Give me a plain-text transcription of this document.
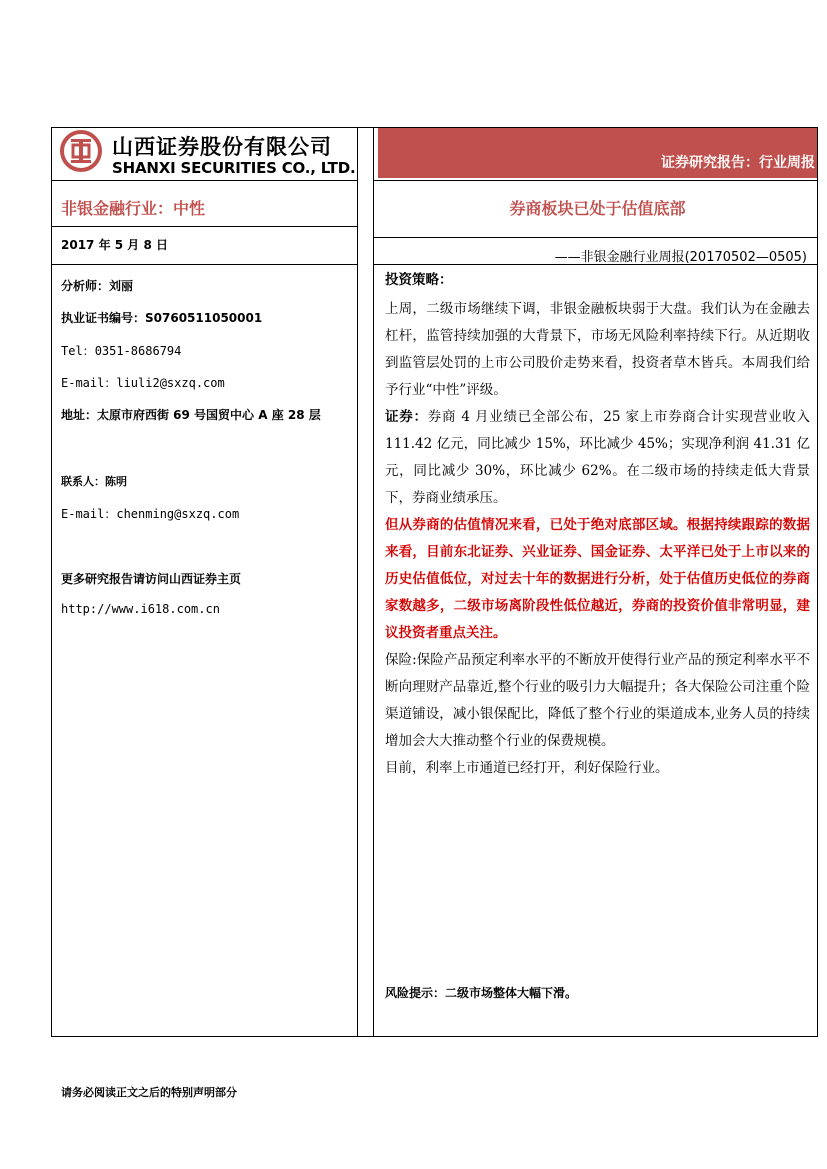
证券研究报告：行业周报
山西证券股份有限公司
SHANXI SECURITIES CO., LTD.
非银金融行业：中性
2017 年 5 月 8 日
分析师：刘丽
执业证书编号：S0760511050001
Tel：0351-8686794
E-mail：liuli2@sxzq.com
地址：太原市府西街 69 号国贸中心 A 座 28 层
联系人：陈明
E-mail：chenming@sxzq.com
更多研究报告请访问山西证券主页
http://www.i618.com.cn
券商板块已处于估值底部
——非银金融行业周报(20170502—0505)
投资策略：

上周，二级市场继续下调，非银金融板块弱于大盘。我们认为在金融去杠杆，监管持续加强的大背景下，市场无风险利率持续下行。从近期收到监管层处罚的上市公司股价走势来看，投资者草木皆兵。本周我们给予行业“中性”评级。

证券：券商 4 月业绩已全部公布，25 家上市券商合计实现营业收入 111.42 亿元，同比减少 15%，环比减少 45%；实现净利润 41.31 亿元，同比减少 30%，环比减少 62%。在二级市场的持续走低大背景下，券商业绩承压。

但从券商的估值情况来看，已处于绝对底部区域。根据持续跟踪的数据来看，目前东北证券、兴业证券、国金证券、太平洋已处于上市以来的历史估值低位，对过去十年的数据进行分析，处于估值历史低位的券商家数越多，二级市场离阶段性低位越近，券商的投资价值非常明显，建议投资者重点关注。

保险:保险产品预定利率水平的不断放开使得行业产品的预定利率水平不断向理财产品靠近,整个行业的吸引力大幅提升；各大保险公司注重个险渠道铺设，减小银保配比，降低了整个行业的渠道成本,业务人员的持续增加会大大推动整个行业的保费规模。

目前，利率上市通道已经打开，利好保险行业。

风险提示：二级市场整体大幅下滑。
请务必阅读正文之后的特别声明部分
